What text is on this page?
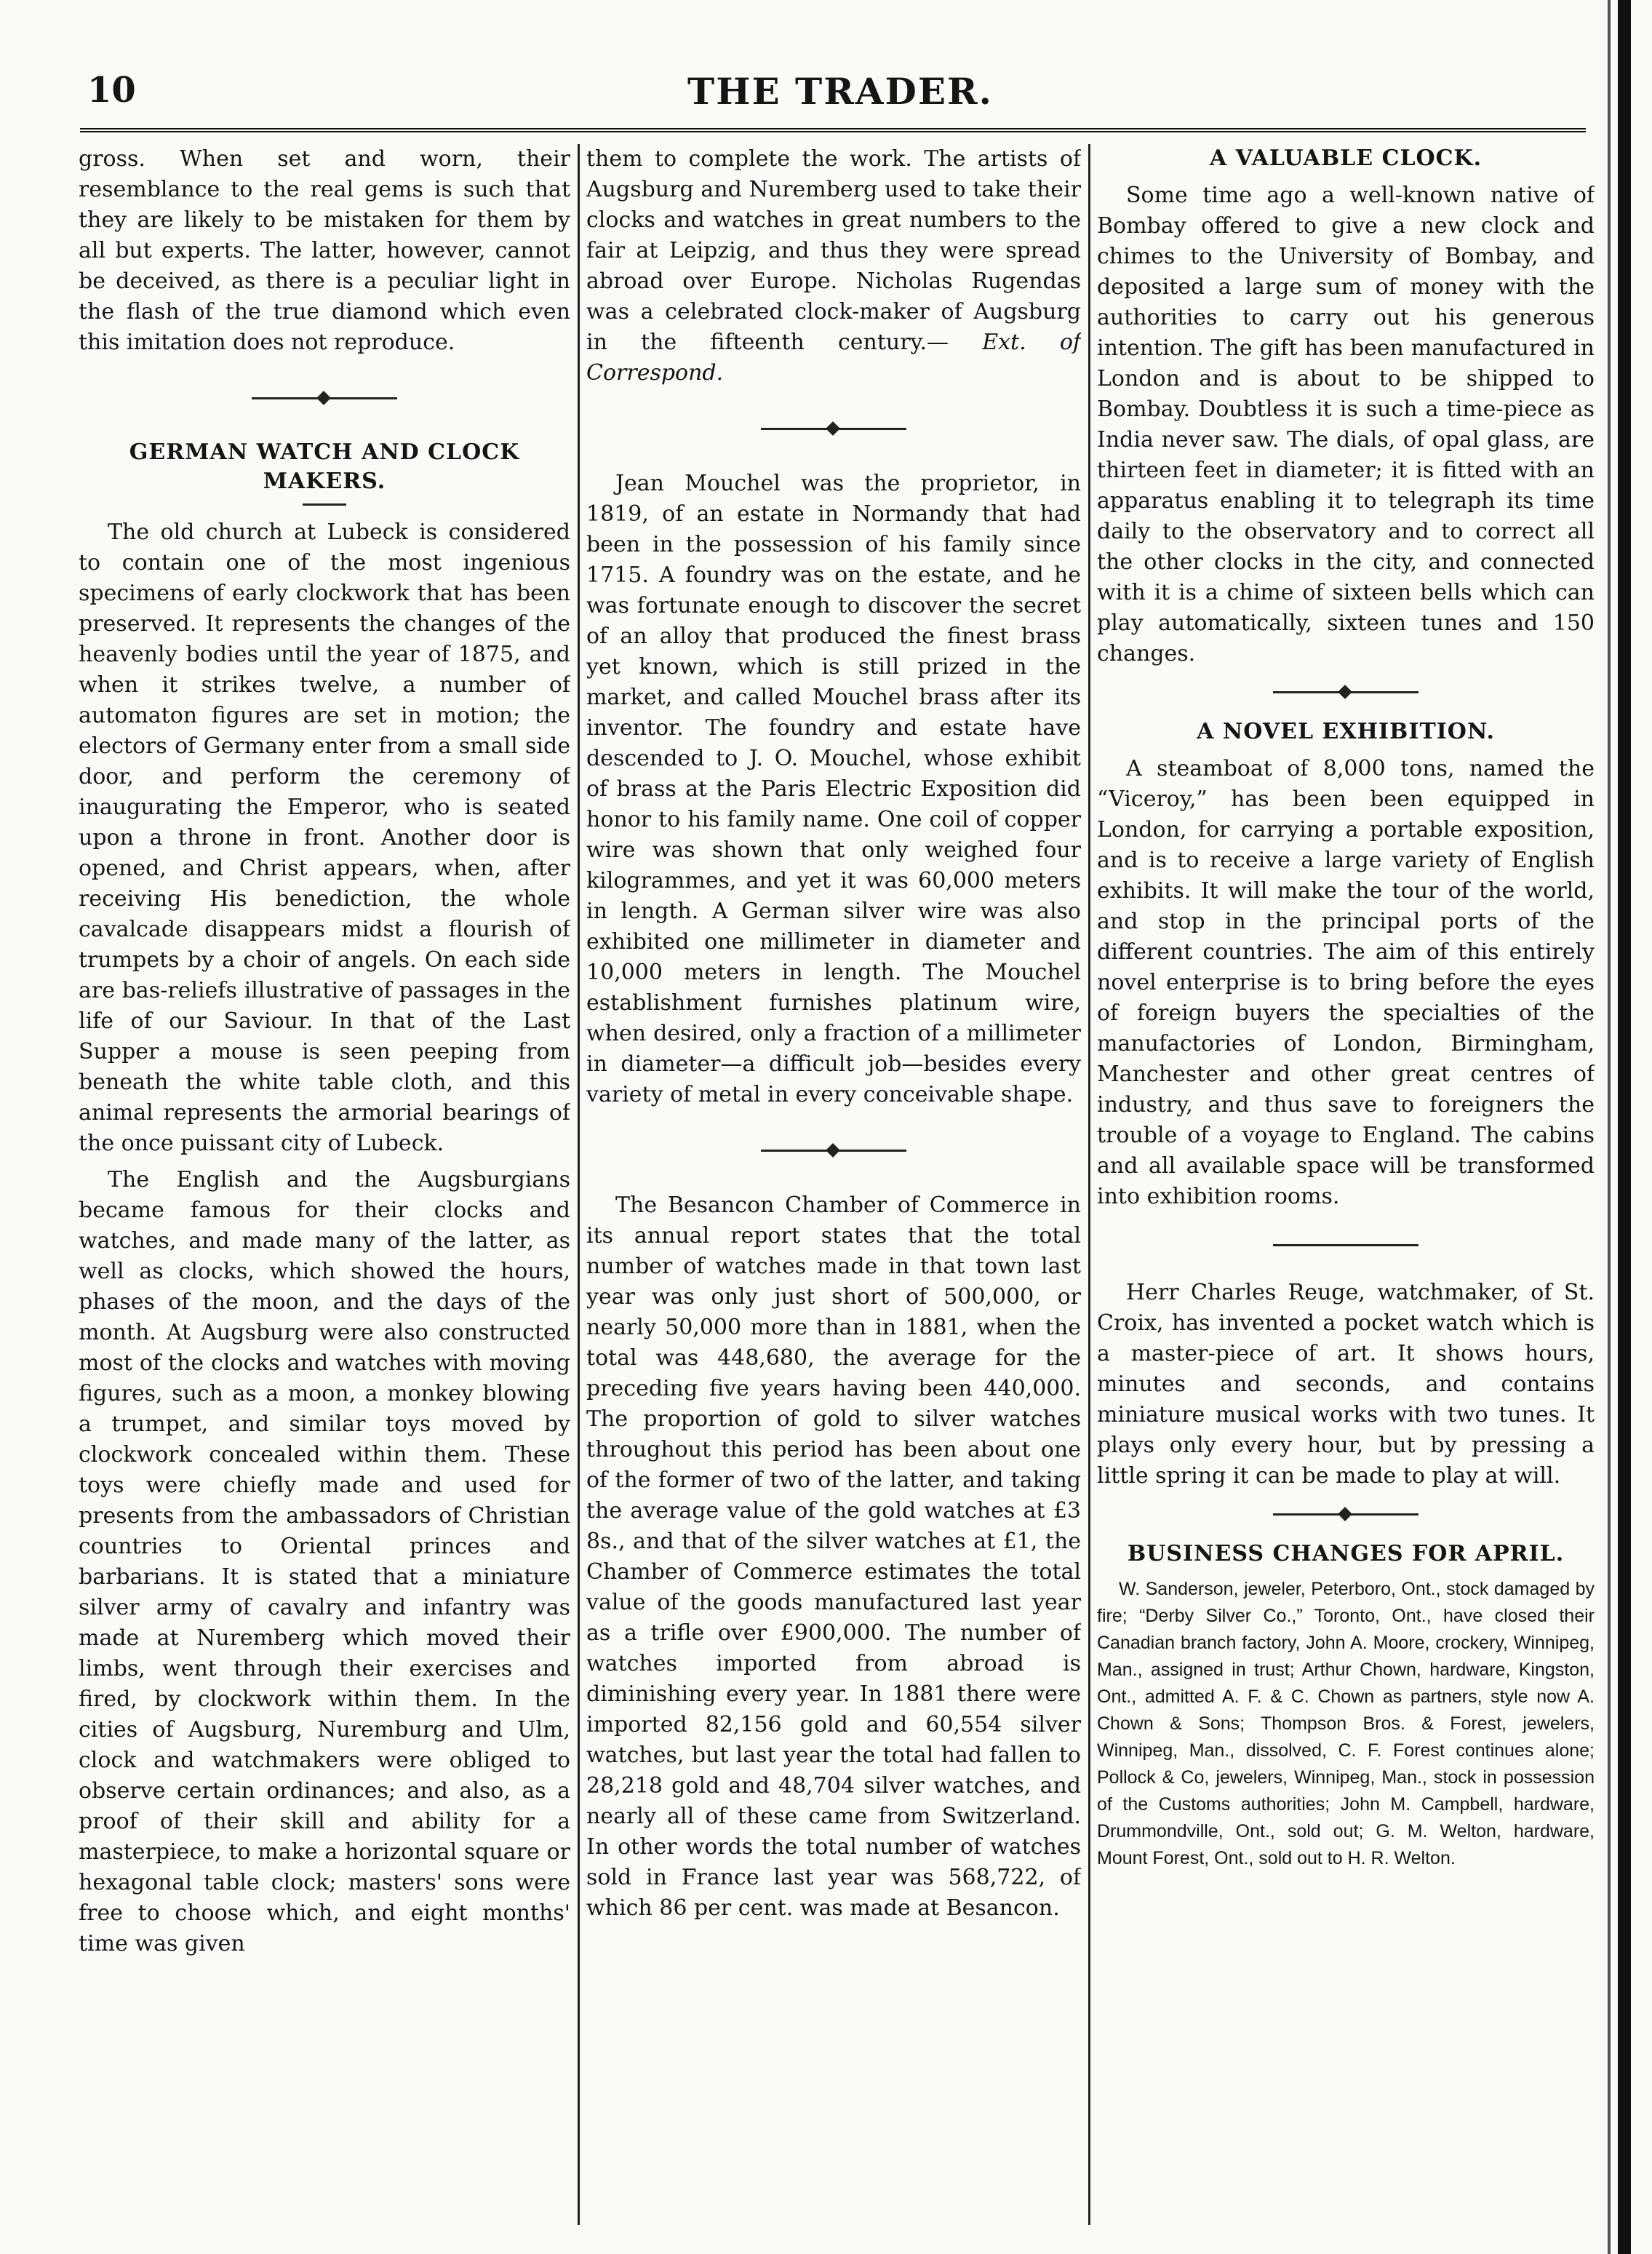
10	THE TRADER.

gross. When set and worn, their resemblance to the real gems is such that they are likely to be mistaken for them by all but experts. The latter, however, cannot be deceived, as there is a peculiar light in the flash of the true diamond which even this imitation does not reproduce.

GERMAN WATCH AND CLOCK MAKERS.

The old church at Lubeck is considered to contain one of the most ingenious specimens of early clockwork that has been preserved. It represents the changes of the heavenly bodies until the year of 1875, and when it strikes twelve, a number of automaton figures are set in motion; the electors of Germany enter from a small side door, and perform the ceremony of inaugurating the Emperor, who is seated upon a throne in front. Another door is opened, and Christ appears, when, after receiving His benediction, the whole cavalcade disappears midst a flourish of trumpets by a choir of angels. On each side are bas-reliefs illustrative of passages in the life of our Saviour. In that of the Last Supper a mouse is seen peeping from beneath the white table cloth, and this animal represents the armorial bearings of the once puissant city of Lubeck.

The English and the Augsburgians became famous for their clocks and watches, and made many of the latter, as well as clocks, which showed the hours, phases of the moon, and the days of the month. At Augsburg were also constructed most of the clocks and watches with moving figures, such as a moon, a monkey blowing a trumpet, and similar toys moved by clockwork concealed within them. These toys were chiefly made and used for presents from the ambassadors of Christian countries to Oriental princes and barbarians. It is stated that a miniature silver army of cavalry and infantry was made at Nuremberg which moved their limbs, went through their exercises and fired, by clockwork within them. In the cities of Augsburg, Nuremburg and Ulm, clock and watchmakers were obliged to observe certain ordinances; and also, as a proof of their skill and ability for a masterpiece, to make a horizontal square or hexagonal table clock; masters' sons were free to choose which, and eight months' time was given

them to complete the work. The artists of Augsburg and Nuremberg used to take their clocks and watches in great numbers to the fair at Leipzig, and thus they were spread abroad over Europe. Nicholas Rugendas was a celebrated clock-maker of Augsburg in the fifteenth century.— Ext. of Correspond.

Jean Mouchel was the proprietor, in 1819, of an estate in Normandy that had been in the possession of his family since 1715. A foundry was on the estate, and he was fortunate enough to discover the secret of an alloy that produced the finest brass yet known, which is still prized in the market, and called Mouchel brass after its inventor. The foundry and estate have descended to J. O. Mouchel, whose exhibit of brass at the Paris Electric Exposition did honor to his family name. One coil of copper wire was shown that only weighed four kilogrammes, and yet it was 60,000 meters in length. A German silver wire was also exhibited one millimeter in diameter and 10,000 meters in length. The Mouchel establishment furnishes platinum wire, when desired, only a fraction of a millimeter in diameter—a difficult job—besides every variety of metal in every conceivable shape.

The Besancon Chamber of Commerce in its annual report states that the total number of watches made in that town last year was only just short of 500,000, or nearly 50,000 more than in 1881, when the total was 448,680, the average for the preceding five years having been 440,000. The proportion of gold to silver watches throughout this period has been about one of the former of two of the latter, and taking the average value of the gold watches at £3 8s., and that of the silver watches at £1, the Chamber of Commerce estimates the total value of the goods manufactured last year as a trifle over £900,000. The number of watches imported from abroad is diminishing every year. In 1881 there were imported 82,156 gold and 60,554 silver watches, but last year the total had fallen to 28,218 gold and 48,704 silver watches, and nearly all of these came from Switzerland. In other words the total number of watches sold in France last year was 568,722, of which 86 per cent. was made at Besancon.

A VALUABLE CLOCK.

Some time ago a well-known native of Bombay offered to give a new clock and chimes to the University of Bombay, and deposited a large sum of money with the authorities to carry out his generous intention. The gift has been manufactured in London and is about to be shipped to Bombay. Doubtless it is such a time-piece as India never saw. The dials, of opal glass, are thirteen feet in diameter; it is fitted with an apparatus enabling it to telegraph its time daily to the observatory and to correct all the other clocks in the city, and connected with it is a chime of sixteen bells which can play automatically, sixteen tunes and 150 changes.

A NOVEL EXHIBITION.

A steamboat of 8,000 tons, named the “Viceroy,” has been been equipped in London, for carrying a portable exposition, and is to receive a large variety of English exhibits. It will make the tour of the world, and stop in the principal ports of the different countries. The aim of this entirely novel enterprise is to bring before the eyes of foreign buyers the specialties of the manufactories of London, Birmingham, Manchester and other great centres of industry, and thus save to foreigners the trouble of a voyage to England. The cabins and all available space will be transformed into exhibition rooms.

Herr Charles Reuge, watchmaker, of St. Croix, has invented a pocket watch which is a master-piece of art. It shows hours, minutes and seconds, and contains miniature musical works with two tunes. It plays only every hour, but by pressing a little spring it can be made to play at will.

BUSINESS CHANGES FOR APRIL.

W. Sanderson, jeweler, Peterboro, Ont., stock damaged by fire; “Derby Silver Co.,” Toronto, Ont., have closed their Canadian branch factory, John A. Moore, crockery, Winnipeg, Man., assigned in trust; Arthur Chown, hardware, Kingston, Ont., admitted A. F. & C. Chown as partners, style now A. Chown & Sons; Thompson Bros. & Forest, jewelers, Winnipeg, Man., dissolved, C. F. Forest continues alone; Pollock & Co, jewelers, Winnipeg, Man., stock in possession of the Customs authorities; John M. Campbell, hardware, Drummondville, Ont., sold out; G. M. Welton, hardware, Mount Forest, Ont., sold out to H. R. Welton.
